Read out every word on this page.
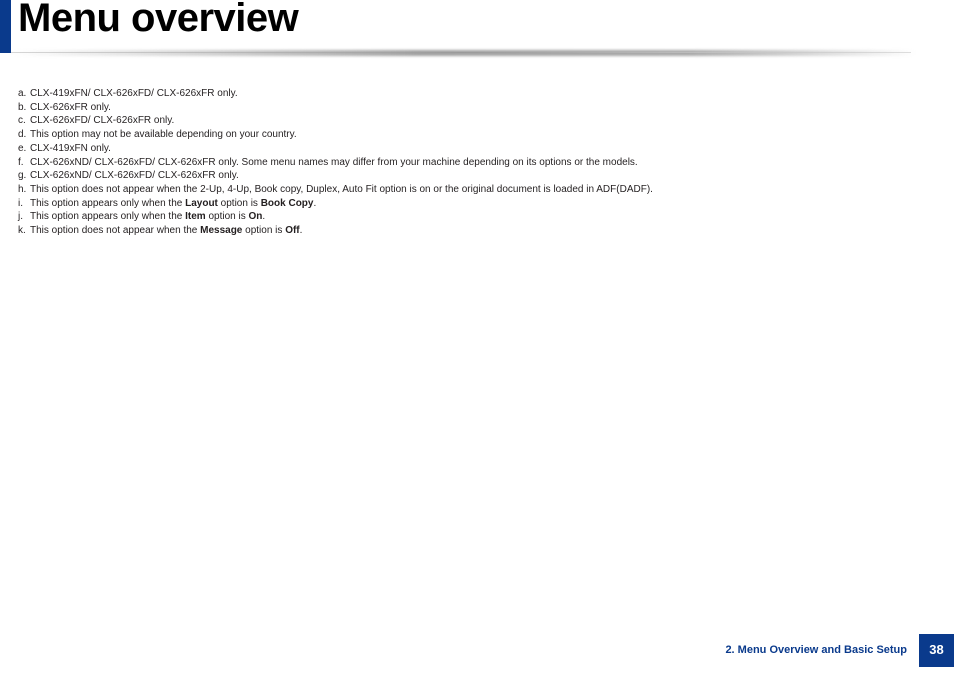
Menu overview
a. CLX-419xFN/ CLX-626xFD/ CLX-626xFR only.
b. CLX-626xFR only.
c. CLX-626xFD/ CLX-626xFR only.
d. This option may not be available depending on your country.
e. CLX-419xFN only.
f. CLX-626xND/ CLX-626xFD/ CLX-626xFR only. Some menu names may differ from your machine depending on its options or the models.
g. CLX-626xND/ CLX-626xFD/ CLX-626xFR only.
h. This option does not appear when the 2-Up, 4-Up, Book copy, Duplex, Auto Fit option is on or the original document is loaded in ADF(DADF).
i. This option appears only when the Layout option is Book Copy.
j. This option appears only when the Item option is On.
k. This option does not appear when the Message option is Off.
2. Menu Overview and Basic Setup	38
